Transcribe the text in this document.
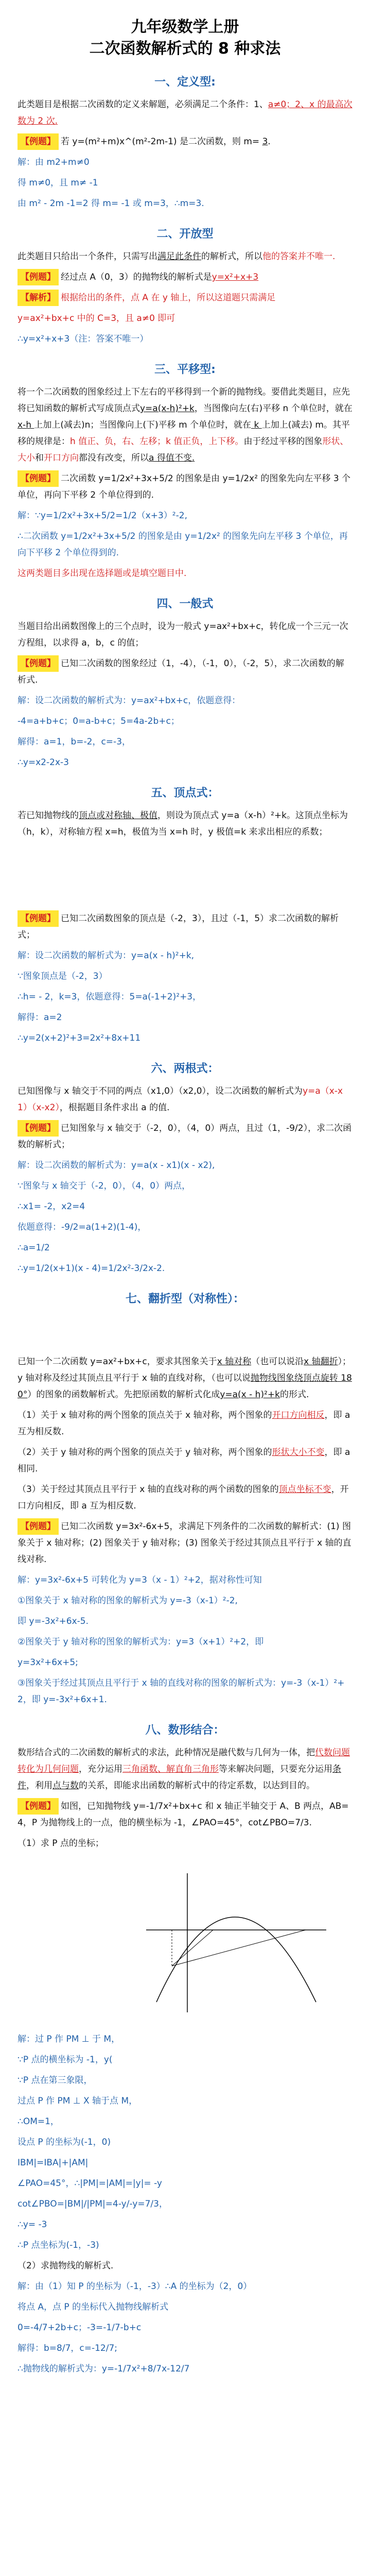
九年级数学上册
二次函数解析式的 8 种求法
一、定义型:
此类题目是根据二次函数的定义来解题，必须满足二个条件：1、a≠0；2、x 的最高次数为 2 次.
【例题】 若 y=(m²+m)x^(m²-2m-1) 是二次函数，则 m= 3.
解：由 m2+m≠0
得 m≠0，且 m≠ -1
由 m² - 2m -1=2 得 m= -1 或 m=3，∴m=3.
二、开放型
此类题目只给出一个条件，只需写出满足此条件的解析式，所以他的答案并不唯一.
【例题】 经过点 A（0，3）的抛物线的解析式是y=x²+x+3
【解析】 根据给出的条件，点 A 在 y 轴上，所以这道题只需满足
y=ax²+bx+c 中的 C=3，且 a≠0 即可
∴y=x²+x+3（注：答案不唯一）
三、平移型:
将一个二次函数的图象经过上下左右的平移得到一个新的抛物线。要借此类题目，应先将已知函数的解析式写成顶点式y=a(x-h)²+k，当图像向左(右)平移 n 个单位时，就在 x-h 上加上(减去)n；当图像向上(下)平移 m 个单位时，就在 k 上加上(减去) m。其平移的规律是：h 值正、负，右、左移；k 值正负，上下移。由于经过平移的图象形状、大小和开口方向都没有改变，所以a 得值不变.
【例题】 二次函数 y=1/2x²+3x+5/2 的图象是由 y=1/2x² 的图象先向左平移 3 个单位，再向下平移 2 个单位得到的.
解：∵y=1/2x²+3x+5/2=1/2（x+3）²-2,
∴二次函数 y=1/2x²+3x+5/2 的图象是由 y=1/2x² 的图象先向左平移 3 个单位，再向下平移 2 个单位得到的.
这两类题目多出现在选择题或是填空题目中.
四、一般式
当题目给出函数图像上的三个点时，设为一般式 y=ax²+bx+c，转化成一个三元一次方程组，以求得 a，b，c 的值；
【例题】 已知二次函数的图象经过（1，-4），（-1，0），（-2，5），求二次函数的解析式.
解：设二次函数的解析式为：y=ax²+bx+c，依题意得：
-4=a+b+c；0=a-b+c；5=4a-2b+c；
解得：a=1，b=-2，c=-3，
∴y=x2-2x-3
五、顶点式：
若已知抛物线的顶点或对称轴、极值，则设为顶点式 y=a（x-h）²+k。这顶点坐标为（h，k），对称轴方程 x=h，极值为当 x=h 时，y 极值=k 来求出相应的系数；
【例题】 已知二次函数图象的顶点是（-2，3），且过（-1，5）求二次函数的解析式；
解：设二次函数的解析式为：y=a(x - h)²+k,
∵图象顶点是（-2，3）
∴h= - 2，k=3，依题意得：5=a(-1+2)²+3，
解得：a=2
∴y=2(x+2)²+3=2x²+8x+11
六、两根式：
已知图像与 x 轴交于不同的两点（x1,0）（x2,0），设二次函数的解析式为y=a（x-x1）（x-x2），根据题目条件求出 a 的值.
【例题】 已知图象与 x 轴交于（-2，0），（4，0）两点，且过（1，-9/2），求二次函数的解析式；
解：设二次函数的解析式为：y=a(x - x1)(x - x2),
∵图象与 x 轴交于（-2，0），（4，0）两点，
∴x1= -2，x2=4
依题意得：-9/2=a(1+2)(1-4)，
∴a=1/2
∴y=1/2(x+1)(x - 4)=1/2x²-3/2x-2.
七、翻折型（对称性）：
已知一个二次函数 y=ax²+bx+c，要求其图象关于x 轴对称（也可以说沿x 轴翻折）；y 轴对称及经过其顶点且平行于 x 轴的直线对称，（也可以说抛物线图象绕顶点旋转 180°）的图象的函数解析式。先把原函数的解析式化成y=a(x - h)²+k的形式.
（1）关于 x 轴对称的两个图象的顶点关于 x 轴对称，两个图象的开口方向相反，即 a 互为相反数.
（2）关于 y 轴对称的两个图象的顶点关于 y 轴对称，两个图象的形状大小不变，即 a 相同.
（3）关于经过其顶点且平行于 x 轴的直线对称的两个函数的图象的顶点坐标不变，开口方向相反，即 a 互为相反数.
【例题】 已知二次函数 y=3x²-6x+5，求满足下列条件的二次函数的解析式：(1) 图象关于 x 轴对称；(2) 图象关于 y 轴对称；(3) 图象关于经过其顶点且平行于 x 轴的直线对称.
解：y=3x²-6x+5 可转化为 y=3（x - 1）²+2，据对称性可知
①图象关于 x 轴对称的图象的解析式为 y=-3（x-1）²-2,
即 y=-3x²+6x-5.
②图象关于 y 轴对称的图象的解析式为：y=3（x+1）²+2，即
y=3x²+6x+5;
③图象关于经过其顶点且平行于 x 轴的直线对称的图象的解析式为：y=-3（x-1）²+2，即 y=-3x²+6x+1.
八、数形结合：
数形结合式的二次函数的解析式的求法，此种情况是融代数与几何为一体，把代数问题转化为几何问题，充分运用三角函数、解直角三角形等来解决问题，只要充分运用条件，利用点与数的关系，即能求出函数的解析式中的待定系数，以达到目的。
【例题】 如图，已知抛物线 y=-1/7x²+bx+c 和 x 轴正半轴交于 A、B 两点，AB=4，P 为抛物线上的一点，他的横坐标为 -1，∠PAO=45°，cot∠PBO=7/3.
（1）求 P 点的坐标；
解：过 P 作 PM ⊥ 于 M，
∵P 点的横坐标为 -1，y(
∵P 点在第三象限，
过点 P 作 PM ⊥ X 轴于点 M，
∴OM=1，
设点 P 的坐标为(-1，0)
IBM|=IBA|+|AM|
∠PAO=45°，∴|PM|=|AM|=|y|= -y
cot∠PBO=|BM|/|PM|=4-y/-y=7/3，
∴y= -3
∴P 点坐标为(-1，-3)
（2）求抛物线的解析式.
解：由（1）知 P 的坐标为（-1，-3）∴A 的坐标为（2，0）
将点 A，点 P 的坐标代入抛物线解析式
0=-4/7+2b+c；-3=-1/7-b+c
解得：b=8/7，c=-12/7;
∴抛物线的解析式为：y=-1/7x²+8/7x-12/7
